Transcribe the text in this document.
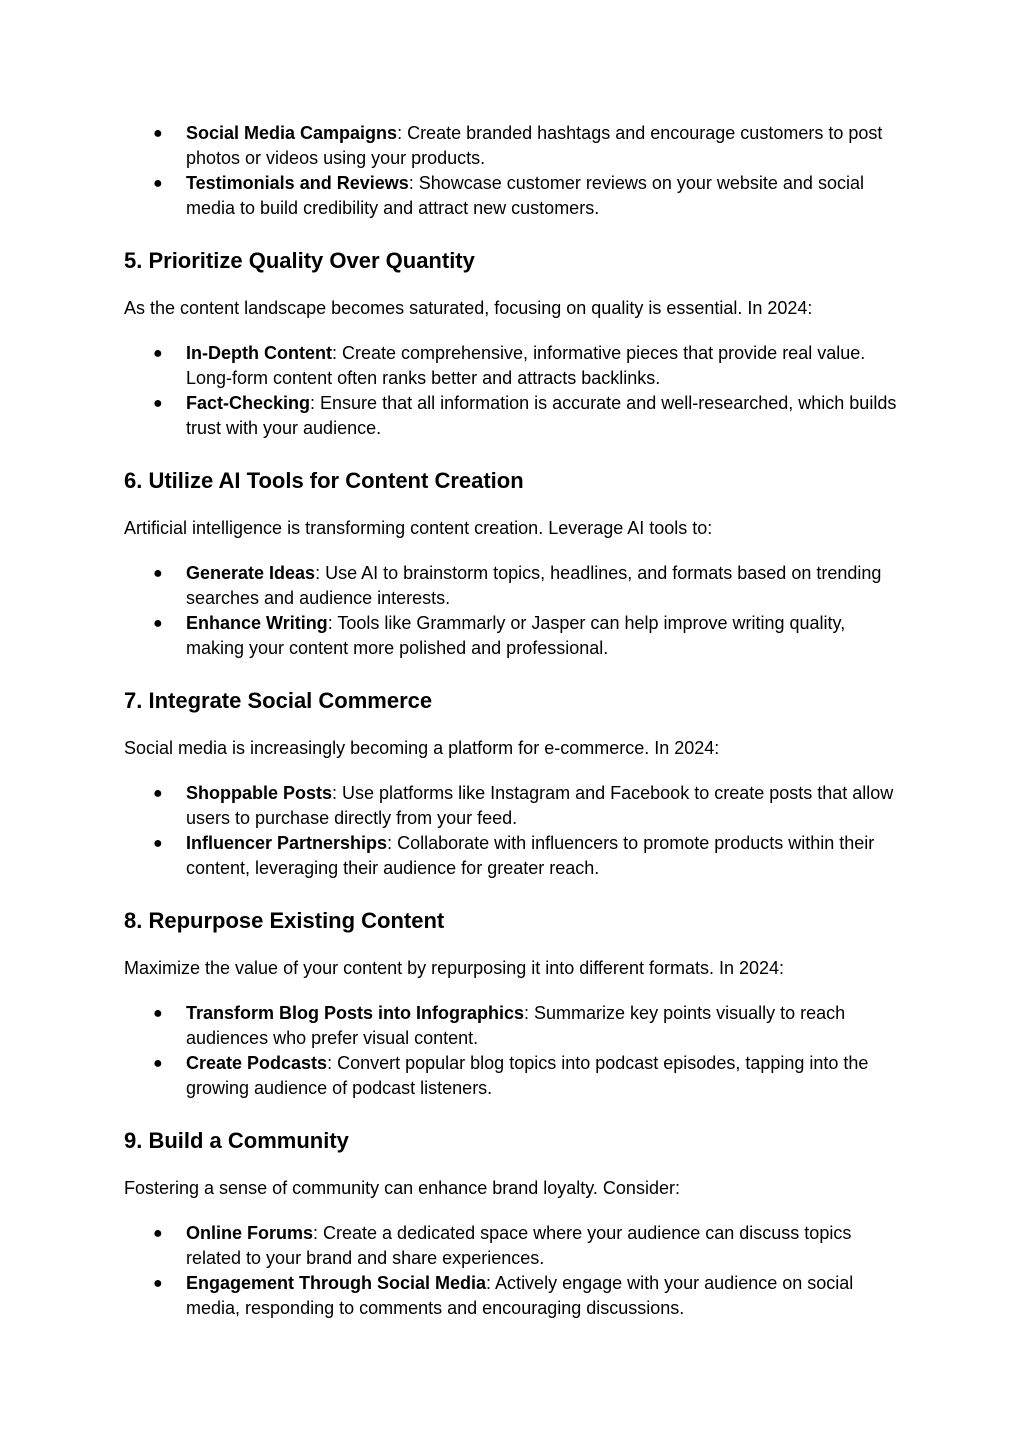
● Social Media Campaigns: Create branded hashtags and encourage customers to post photos or videos using your products.
● Testimonials and Reviews: Showcase customer reviews on your website and social media to build credibility and attract new customers.
5. Prioritize Quality Over Quantity

As the content landscape becomes saturated, focusing on quality is essential. In 2024:

● In-Depth Content: Create comprehensive, informative pieces that provide real value. Long-form content often ranks better and attracts backlinks.
● Fact-Checking: Ensure that all information is accurate and well-researched, which builds trust with your audience.
6. Utilize AI Tools for Content Creation

Artificial intelligence is transforming content creation. Leverage AI tools to:

● Generate Ideas: Use AI to brainstorm topics, headlines, and formats based on trending searches and audience interests.
● Enhance Writing: Tools like Grammarly or Jasper can help improve writing quality, making your content more polished and professional.
7. Integrate Social Commerce

Social media is increasingly becoming a platform for e-commerce. In 2024:

● Shoppable Posts: Use platforms like Instagram and Facebook to create posts that allow users to purchase directly from your feed.
● Influencer Partnerships: Collaborate with influencers to promote products within their content, leveraging their audience for greater reach.
8. Repurpose Existing Content

Maximize the value of your content by repurposing it into different formats. In 2024:

● Transform Blog Posts into Infographics: Summarize key points visually to reach audiences who prefer visual content.
● Create Podcasts: Convert popular blog topics into podcast episodes, tapping into the growing audience of podcast listeners.
9. Build a Community

Fostering a sense of community can enhance brand loyalty. Consider:

● Online Forums: Create a dedicated space where your audience can discuss topics related to your brand and share experiences.
● Engagement Through Social Media: Actively engage with your audience on social media, responding to comments and encouraging discussions.
